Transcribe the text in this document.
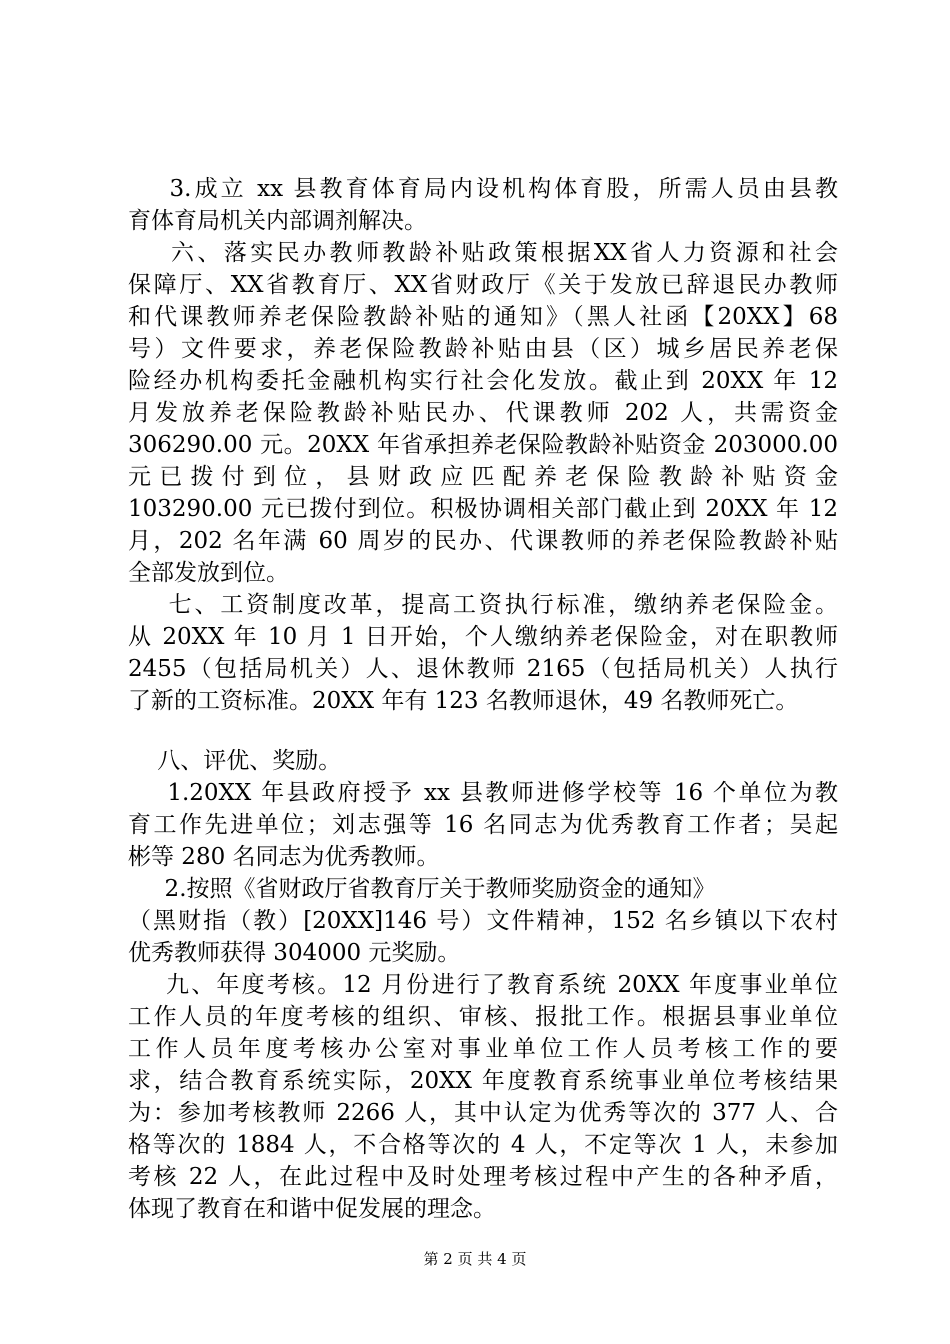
3.成立 xx 县教育体育局内设机构体育股，所需人员由县教
育体育局机关内部调剂解决。
六、落实民办教师教龄补贴政策根据XX省人力资源和社会
保障厅、XX省教育厅、XX省财政厅《关于发放已辞退民办教师
和代课教师养老保险教龄补贴的通知》（黑人社函【20XX】68
号）文件要求，养老保险教龄补贴由县（区）城乡居民养老保
险经办机构委托金融机构实行社会化发放。截止到 20XX 年 12
月发放养老保险教龄补贴民办、代课教师 202 人，共需资金
306290.00 元。20XX 年省承担养老保险教龄补贴资金 203000.00
元已拨付到位，县财政应匹配养老保险教龄补贴资金
103290.00 元已拨付到位。积极协调相关部门截止到 20XX 年 12
月，202 名年满 60 周岁的民办、代课教师的养老保险教龄补贴
全部发放到位。
七、工资制度改革，提高工资执行标准，缴纳养老保险金。
从 20XX 年 10 月 1 日开始，个人缴纳养老保险金，对在职教师
2455（包括局机关）人、退休教师 2165（包括局机关）人执行
了新的工资标准。20XX 年有 123 名教师退休，49 名教师死亡。
八、评优、奖励。
1.20XX 年县政府授予 xx 县教师进修学校等 16 个单位为教
育工作先进单位；刘志强等 16 名同志为优秀教育工作者；吴起
彬等 280 名同志为优秀教师。
2.按照《省财政厅省教育厅关于教师奖励资金的通知》
（黑财指（教）[20XX]146 号）文件精神，152 名乡镇以下农村
优秀教师获得 304000 元奖励。
九、年度考核。12 月份进行了教育系统 20XX 年度事业单位
工作人员的年度考核的组织、审核、报批工作。根据县事业单位
工作人员年度考核办公室对事业单位工作人员考核工作的要
求，结合教育系统实际，20XX 年度教育系统事业单位考核结果
为：参加考核教师 2266 人，其中认定为优秀等次的 377 人、合
格等次的 1884 人，不合格等次的 4 人，不定等次 1 人，未参加
考核 22 人，在此过程中及时处理考核过程中产生的各种矛盾，
体现了教育在和谐中促发展的理念。
第 2 页 共 4 页
